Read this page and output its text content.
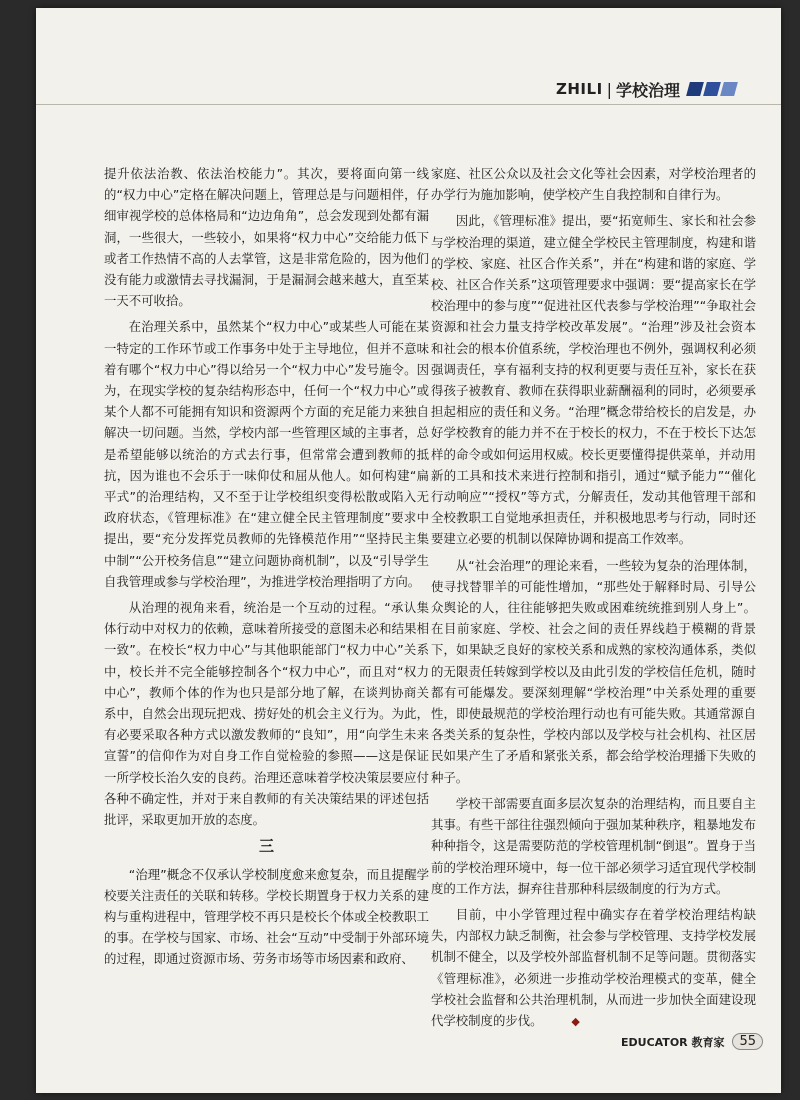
ZHILI | 学校治理

提升依法治教、依法治校能力”。其次，要将面向第一线的“权力中心”定格在解决问题上，管理总是与问题相伴，仔细审视学校的总体格局和“边边角角”，总会发现到处都有漏洞，一些很大，一些较小，如果将“权力中心”交给能力低下或者工作热情不高的人去掌管，这是非常危险的，因为他们没有能力或激情去寻找漏洞，于是漏洞会越来越大，直至某一天不可收拾。

在治理关系中，虽然某个“权力中心”或某些人可能在某一特定的工作环节或工作事务中处于主导地位，但并不意味着有哪个“权力中心”得以给另一个“权力中心”发号施令。因为，在现实学校的复杂结构形态中，任何一个“权力中心”或某个人都不可能拥有知识和资源两个方面的充足能力来独自解决一切问题。当然，学校内部一些管理区域的主事者，总是希望能够以统治的方式去行事，但常常会遭到教师的抵抗，因为谁也不会乐于一味仰仗和屈从他人。如何构建“扁平式”的治理结构，又不至于让学校组织变得松散或陷入无政府状态，《管理标准》在“建立健全民主管理制度”要求中提出，要“充分发挥党员教师的先锋模范作用”“坚持民主集中制”“公开校务信息”“建立问题协商机制”，以及“引导学生自我管理或参与学校治理”，为推进学校治理指明了方向。

从治理的视角来看，统治是一个互动的过程。“承认集体行动中对权力的依赖，意味着所接受的意图未必和结果相一致”。在校长“权力中心”与其他职能部门“权力中心”关系中，校长并不完全能够控制各个“权力中心”，而且对“权力中心”，教师个体的作为也只是部分地了解，在谈判协商关系中，自然会出现玩把戏、捞好处的机会主义行为。为此，有必要采取各种方式以激发教师的“良知”，用“向学生未来宣誓”的信仰作为对自身工作自觉检验的参照——这是保证一所学校长治久安的良药。治理还意味着学校决策层要应付各种不确定性，并对于来自教师的有关决策结果的评述包括批评，采取更加开放的态度。

三

“治理”概念不仅承认学校制度愈来愈复杂，而且提醒学校要关注责任的关联和转移。学校长期置身于权力关系的建构与重构进程中，管理学校不再只是校长个体或全校教职工的事。在学校与国家、市场、社会“互动”中受制于外部环境的过程，即通过资源市场、劳务市场等市场因素和政府、

家庭、社区公众以及社会文化等社会因素，对学校治理者的办学行为施加影响，使学校产生自我控制和自律行为。

因此，《管理标准》提出，要“拓宽师生、家长和社会参与学校治理的渠道，建立健全学校民主管理制度，构建和谐的学校、家庭、社区合作关系”，并在“构建和谐的家庭、学校、社区合作关系”这项管理要求中强调：要“提高家长在学校治理中的参与度”“促进社区代表参与学校治理”“争取社会资源和社会力量支持学校改革发展”。“治理”涉及社会资本和社会的根本价值系统，学校治理也不例外，强调权利必须强调责任，享有福利支持的权利更要与责任互补，家长在获得孩子被教育、教师在获得职业薪酬福利的同时，必须要承担起相应的责任和义务。“治理”概念带给校长的启发是，办好学校教育的能力并不在于校长的权力，不在于校长下达怎样的命令或如何运用权威。校长更要懂得提供菜单，并动用新的工具和技术来进行控制和指引，通过“赋予能力”“催化行动响应”“授权”等方式，分解责任，发动其他管理干部和全校教职工自觉地承担责任，并积极地思考与行动，同时还要建立必要的机制以保障协调和提高工作效率。

从“社会治理”的理论来看，一些较为复杂的治理体制，使寻找替罪羊的可能性增加，“那些处于解释时局、引导公众舆论的人，往往能够把失败或困难统统推到别人身上”。在目前家庭、学校、社会之间的责任界线趋于模糊的背景下，如果缺乏良好的家校关系和成熟的家校沟通体系，类似的无限责任转嫁到学校以及由此引发的学校信任危机，随时都有可能爆发。要深刻理解“学校治理”中关系处理的重要性，即使最规范的学校治理行动也有可能失败。其通常源自各类关系的复杂性，学校内部以及学校与社会机构、社区居民如果产生了矛盾和紧张关系，都会给学校治理播下失败的种子。

学校干部需要直面多层次复杂的治理结构，而且要自主其事。有些干部往往强烈倾向于强加某种秩序，粗暴地发布种种指令，这是需要防范的学校管理机制“倒退”。置身于当前的学校治理环境中，每一位干部必须学习适宜现代学校制度的工作方法，摒弃往昔那种科层级制度的行为方式。

目前，中小学管理过程中确实存在着学校治理结构缺失，内部权力缺乏制衡，社会参与学校管理、支持学校发展机制不健全，以及学校外部监督机制不足等问题。贯彻落实《管理标准》，必须进一步推动学校治理模式的变革，健全学校社会监督和公共治理机制，从而进一步加快全面建设现代学校制度的步伐。	◆

EDUCATOR 教育家	55
